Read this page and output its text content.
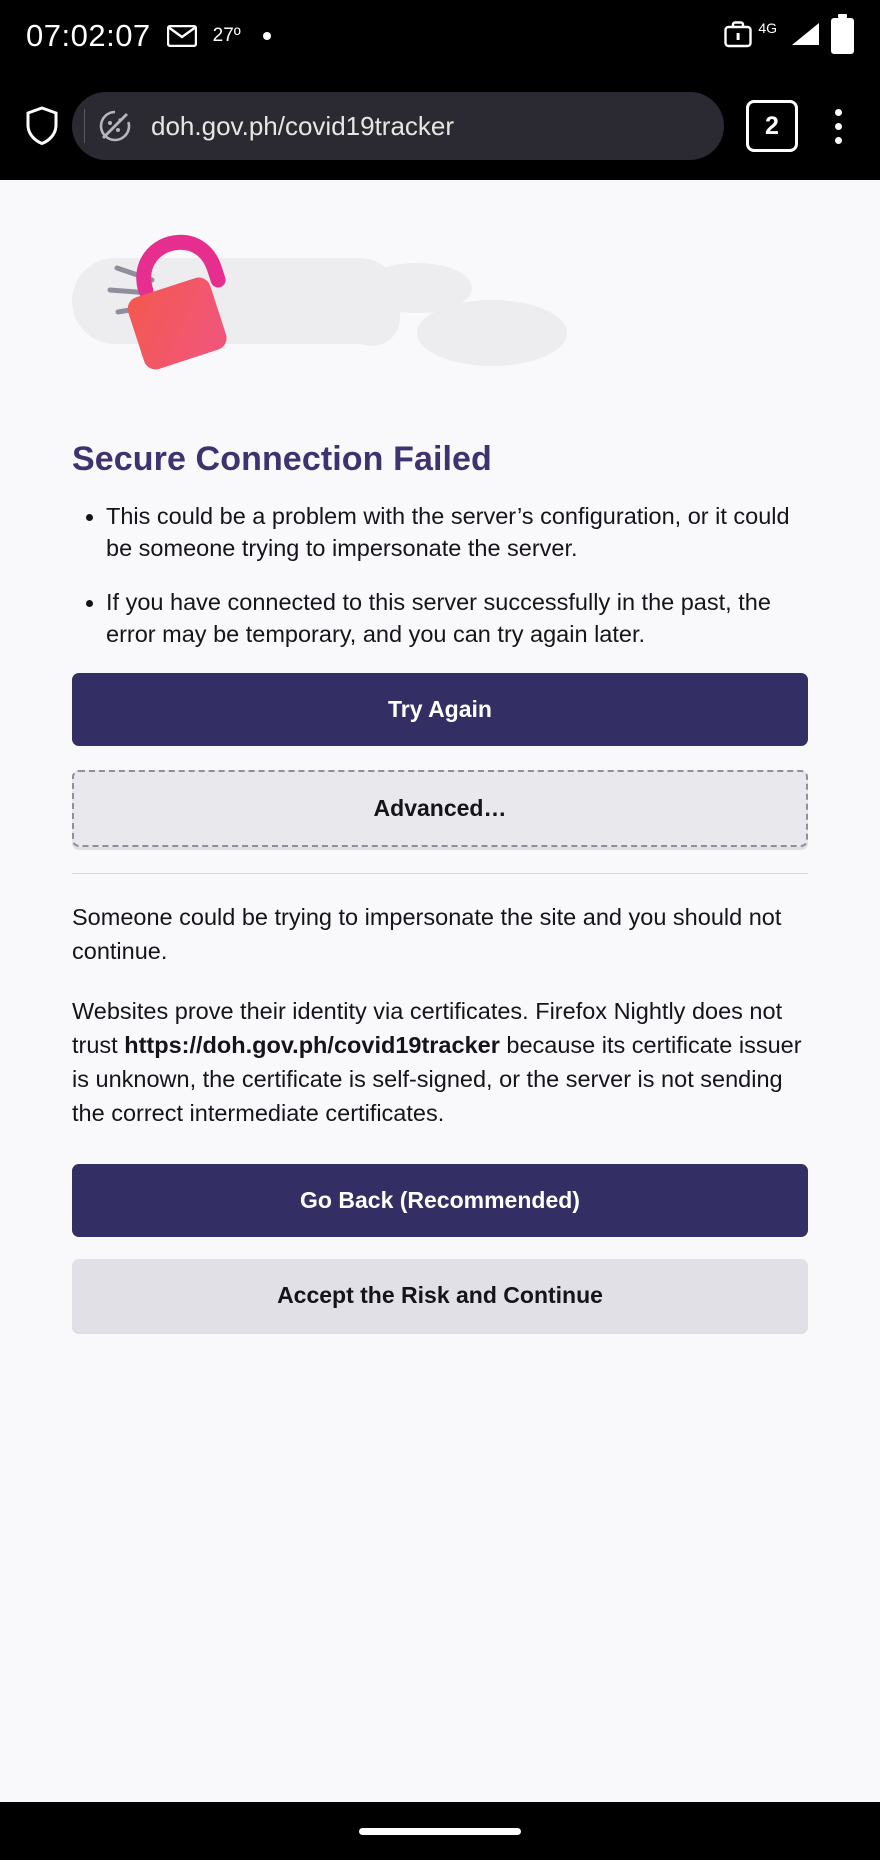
07:02:07	27º	4G
doh.gov.ph/covid19tracker	2
Secure Connection Failed
• This could be a problem with the server’s configuration, or it could be someone trying to impersonate the server.
• If you have connected to this server successfully in the past, the error may be temporary, and you can try again later.
Try Again
Advanced…

Someone could be trying to impersonate the site and you should not continue.

Websites prove their identity via certificates. Firefox Nightly does not trust https://doh.gov.ph/covid19tracker because its certificate issuer is unknown, the certificate is self-signed, or the server is not sending the correct intermediate certificates.

Go Back (Recommended)
Accept the Risk and Continue
